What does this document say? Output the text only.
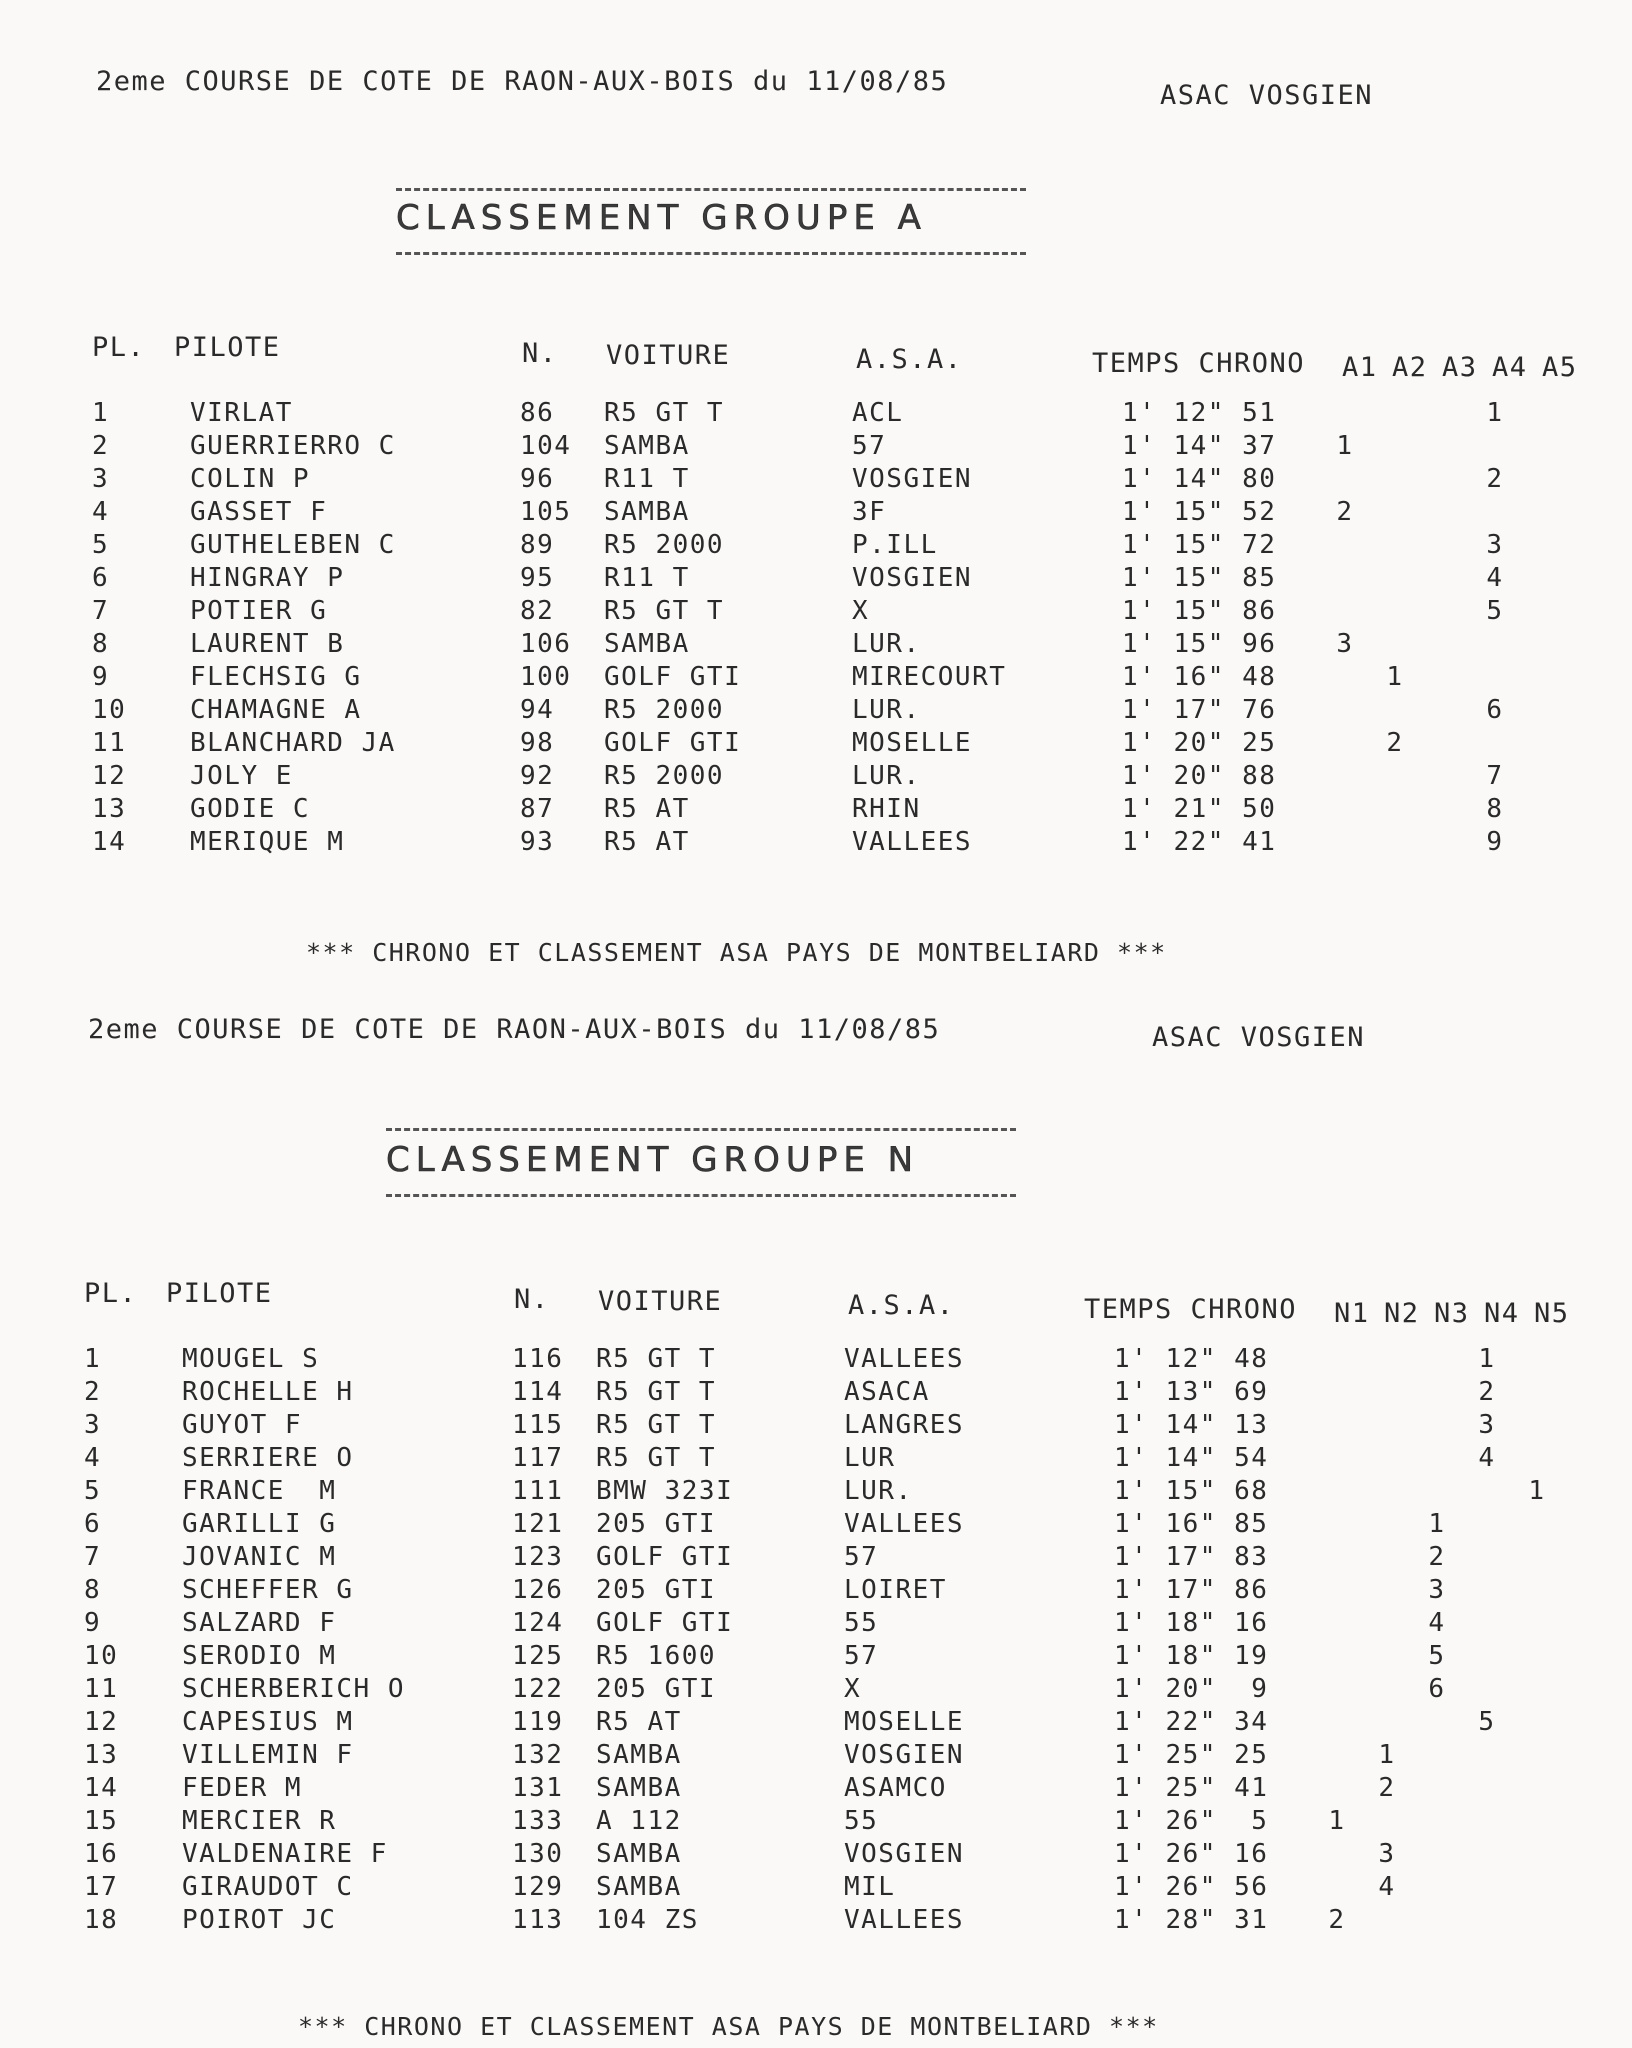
2eme COURSE DE COTE DE RAON-AUX-BOIS du 11/08/85	ASAC VOSGIEN
CLASSEMENT GROUPE A
PL. PILOTE	N. VOITURE	A.S.A.	TEMPS CHRONO A1 A2 A3 A4 A5
1	VIRLAT	86	R5 GT T	ACL	1' 12" 51				1	
2	GUERRIERRO C	104	SAMBA	57	1' 14" 37	1				
3	COLIN P	96	R11 T	VOSGIEN	1' 14" 80				2	
4	GASSET F	105	SAMBA	3F	1' 15" 52	2				
5	GUTHELEBEN C	89	R5 2000	P.ILL	1' 15" 72				3	
6	HINGRAY P	95	R11 T	VOSGIEN	1' 15" 85				4	
7	POTIER G	82	R5 GT T	X	1' 15" 86				5	
8	LAURENT B	106	SAMBA	LUR.	1' 15" 96	3				
9	FLECHSIG G	100	GOLF GTI	MIRECOURT	1' 16" 48		1			
10	CHAMAGNE A	94	R5 2000	LUR.	1' 17" 76				6	
11	BLANCHARD JA	98	GOLF GTI	MOSELLE	1' 20" 25		2			
12	JOLY E	92	R5 2000	LUR.	1' 20" 88				7	
13	GODIE C	87	R5 AT	RHIN	1' 21" 50				8	
14	MERIQUE M	93	R5 AT	VALLEES	1' 22" 41				9	
*** CHRONO ET CLASSEMENT ASA PAYS DE MONTBELIARD ***
2eme COURSE DE COTE DE RAON-AUX-BOIS du 11/08/85	ASAC VOSGIEN
CLASSEMENT GROUPE N
PL. PILOTE	N. VOITURE	A.S.A.	TEMPS CHRONO N1 N2 N3 N4 N5
1	MOUGEL S	116	R5 GT T	VALLEES	1' 12" 48				1	
2	ROCHELLE H	114	R5 GT T	ASACA	1' 13" 69				2	
3	GUYOT F	115	R5 GT T	LANGRES	1' 14" 13				3	
4	SERRIERE O	117	R5 GT T	LUR	1' 14" 54				4	
5	FRANCE  M	111	BMW 323I	LUR.	1' 15" 68					1
6	GARILLI G	121	205 GTI	VALLEES	1' 16" 85			1		
7	JOVANIC M	123	GOLF GTI	57	1' 17" 83			2		
8	SCHEFFER G	126	205 GTI	LOIRET	1' 17" 86			3		
9	SALZARD F	124	GOLF GTI	55	1' 18" 16			4		
10	SERODIO M	125	R5 1600	57	1' 18" 19			5		
11	SCHERBERICH O	122	205 GTI	X	1' 20"  9			6		
12	CAPESIUS M	119	R5 AT	MOSELLE	1' 22" 34				5	
13	VILLEMIN F	132	SAMBA	VOSGIEN	1' 25" 25		1			
14	FEDER M	131	SAMBA	ASAMCO	1' 25" 41		2			
15	MERCIER R	133	A 112	55	1' 26"  5	1				
16	VALDENAIRE F	130	SAMBA	VOSGIEN	1' 26" 16		3			
17	GIRAUDOT C	129	SAMBA	MIL	1' 26" 56		4			
18	POIROT JC	113	104 ZS	VALLEES	1' 28" 31	2				
*** CHRONO ET CLASSEMENT ASA PAYS DE MONTBELIARD ***
